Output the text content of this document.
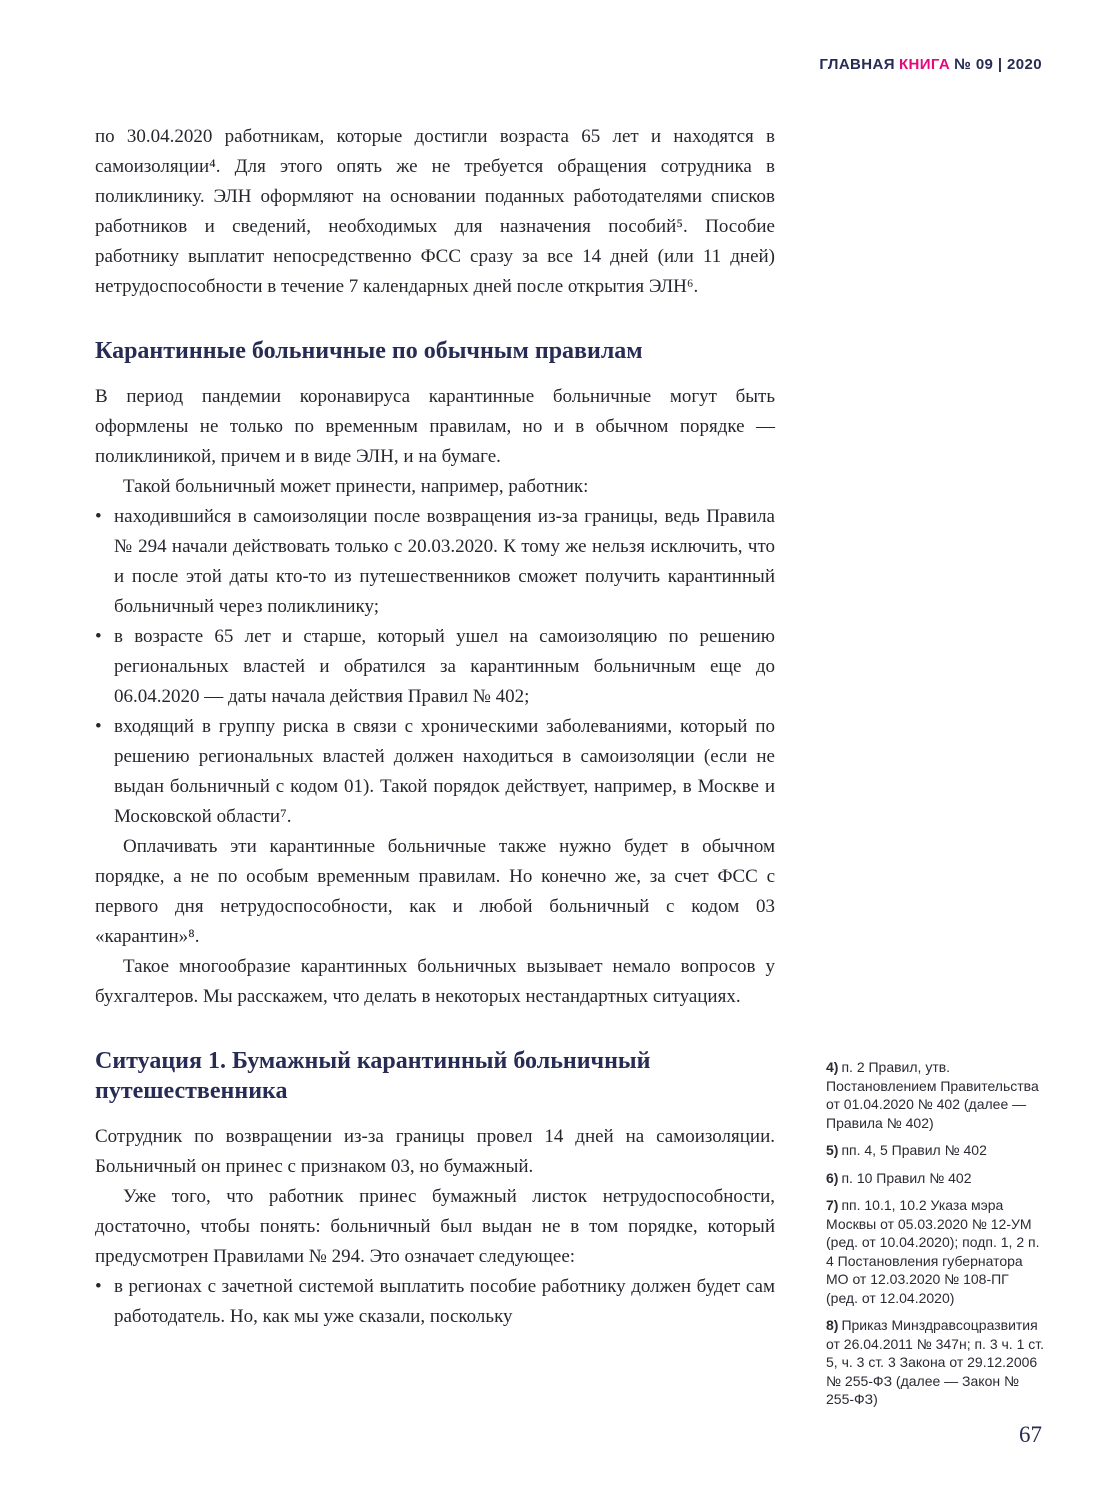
ГЛАВНАЯ КНИГА № 09 | 2020

по 30.04.2020 работникам, которые достигли возраста 65 лет и находятся в самоизоляции⁴. Для этого опять же не требуется обращения сотрудника в поликлинику. ЭЛН оформляют на основании поданных работодателями списков работников и сведений, необходимых для назначения пособий⁵. Пособие работнику выплатит непосредственно ФСС сразу за все 14 дней (или 11 дней) нетрудоспособности в течение 7 календарных дней после открытия ЭЛН⁶.

Карантинные больничные по обычным правилам

В период пандемии коронавируса карантинные больничные могут быть оформлены не только по временным правилам, но и в обычном порядке — поликлиникой, причем и в виде ЭЛН, и на бумаге.

Такой больничный может принести, например, работник:

• находившийся в самоизоляции после возвращения из-за границы, ведь Правила № 294 начали действовать только с 20.03.2020. К тому же нельзя исключить, что и после этой даты кто-то из путешественников сможет получить карантинный больничный через поликлинику;
• в возрасте 65 лет и старше, который ушел на самоизоляцию по решению региональных властей и обратился за карантинным больничным еще до 06.04.2020 — даты начала действия Правил № 402;
• входящий в группу риска в связи с хроническими заболеваниями, который по решению региональных властей должен находиться в самоизоляции (если не выдан больничный с кодом 01). Такой порядок действует, например, в Москве и Московской области⁷.

Оплачивать эти карантинные больничные также нужно будет в обычном порядке, а не по особым временным правилам. Но конечно же, за счет ФСС с первого дня нетрудоспособности, как и любой больничный с кодом 03 «карантин»⁸.

Такое многообразие карантинных больничных вызывает немало вопросов у бухгалтеров. Мы расскажем, что делать в некоторых нестандартных ситуациях.

Ситуация 1. Бумажный карантинный больничный путешественника

Сотрудник по возвращении из-за границы провел 14 дней на самоизоляции. Больничный он принес с признаком 03, но бумажный.

Уже того, что работник принес бумажный листок нетрудоспособности, достаточно, чтобы понять: больничный был выдан не в том порядке, который предусмотрен Правилами № 294. Это означает следующее:

• в регионах с зачетной системой выплатить пособие работнику должен будет сам работодатель. Но, как мы уже сказали, поскольку
4) п. 2 Правил, утв. Постановлением Правительства от 01.04.2020 № 402 (далее — Правила № 402)
5) пп. 4, 5 Правил № 402
6) п. 10 Правил № 402
7) пп. 10.1, 10.2 Указа мэра Москвы от 05.03.2020 № 12-УМ (ред. от 10.04.2020); подп. 1, 2 п. 4 Постановления губернатора МО от 12.03.2020 № 108-ПГ (ред. от 12.04.2020)
8) Приказ Минздравсоцразвития от 26.04.2011 № 347н; п. 3 ч. 1 ст. 5, ч. 3 ст. 3 Закона от 29.12.2006 № 255-ФЗ (далее — Закон № 255-ФЗ)
67
